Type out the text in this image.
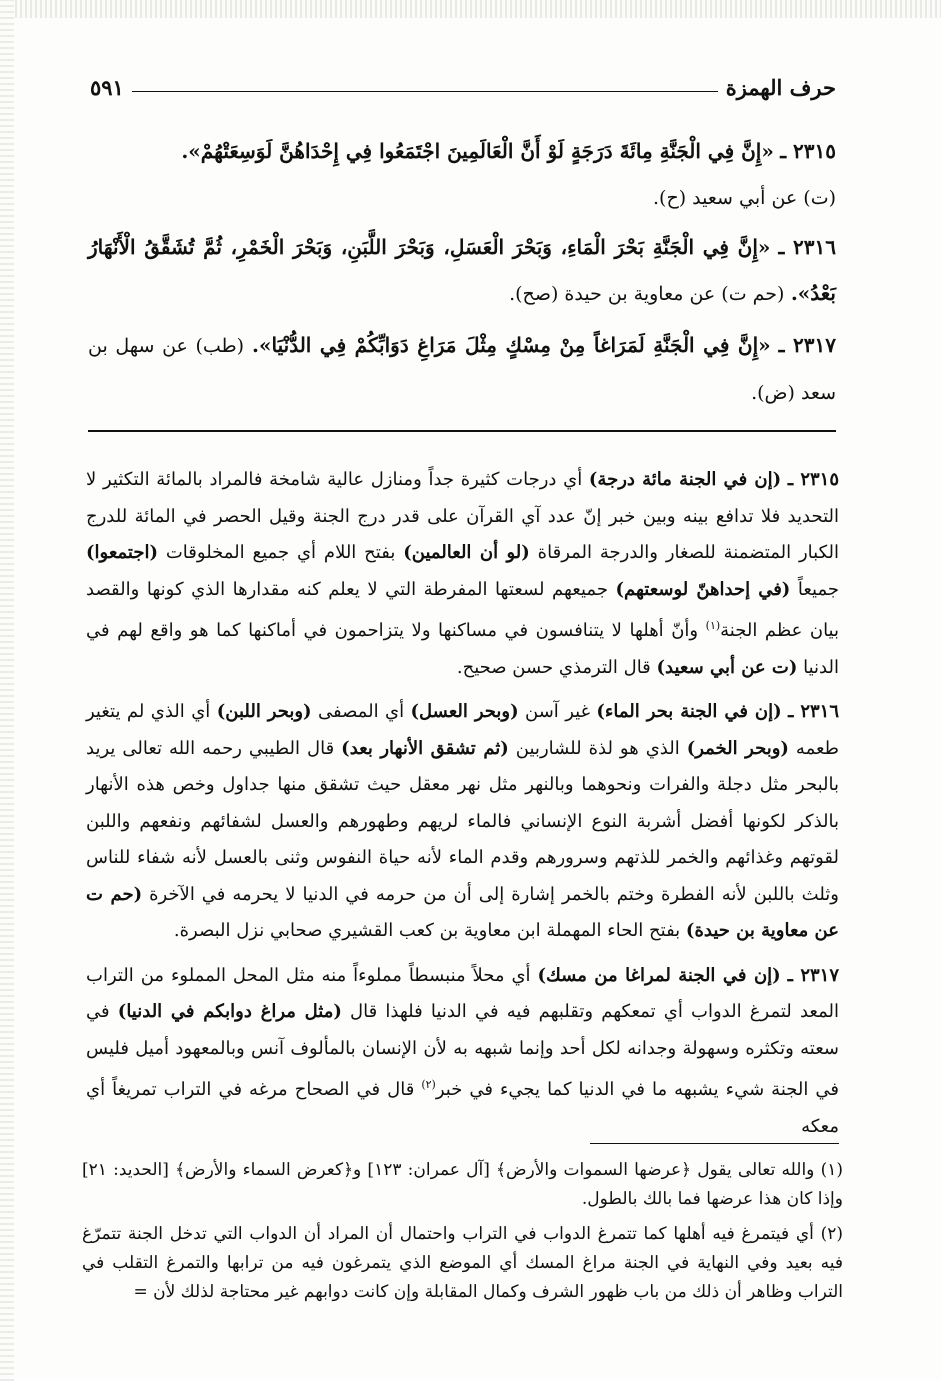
حرف الهمزة
٥٩١
٢٣١٥ ـ «إِنَّ فِي الْجَنَّةِ مِائَةَ دَرَجَةٍ لَوْ أَنَّ الْعَالَمِينَ اجْتَمَعُوا فِي إِحْدَاهُنَّ لَوَسِعَتْهُمْ».
(ت) عن أبي سعيد (ح).
٢٣١٦ ـ «إِنَّ فِي الْجَنَّةِ بَحْرَ الْمَاءِ، وَبَحْرَ الْعَسَلِ، وَبَحْرَ اللَّبَنِ، وَبَحْرَ الْخَمْرِ، ثُمَّ تُشَقَّقُ الْأَنْهَارُ بَعْدُ». (حم ت) عن معاوية بن حيدة (صح).
٢٣١٧ ـ «إِنَّ فِي الْجَنَّةِ لَمَرَاغاً مِنْ مِسْكٍ مِثْلَ مَرَاغِ دَوَابِّكُمْ فِي الدُّنْيَا». (طب) عن سهل بن سعد (ض).

٢٣١٥ ـ (إن في الجنة مائة درجة) أي درجات كثيرة جداً ومنازل عالية شامخة فالمراد بالمائة التكثير لا التحديد فلا تدافع بينه وبين خبر إنّ عدد آي القرآن على قدر درج الجنة وقيل الحصر في المائة للدرج الكبار المتضمنة للصغار والدرجة المرقاة (لو أن العالمين) بفتح اللام أي جميع المخلوقات (اجتمعوا) جميعاً (في إحداهنّ لوسعتهم) جميعهم لسعتها المفرطة التي لا يعلم كنه مقدارها الذي كونها والقصد بيان عظم الجنة$^{(١)}$ وأنّ أهلها لا يتنافسون في مساكنها ولا يتزاحمون في أماكنها كما هو واقع لهم في الدنيا (ت عن أبي سعيد) قال الترمذي حسن صحيح.

٢٣١٦ ـ (إن في الجنة بحر الماء) غير آسن (وبحر العسل) أي المصفى (وبحر اللبن) أي الذي لم يتغير طعمه (وبحر الخمر) الذي هو لذة للشاربين (ثم تشقق الأنهار بعد) قال الطيبي رحمه الله تعالى يريد بالبحر مثل دجلة والفرات ونحوهما وبالنهر مثل نهر معقل حيث تشقق منها جداول وخص هذه الأنهار بالذكر لكونها أفضل أشربة النوع الإنساني فالماء لريهم وطهورهم والعسل لشفائهم ونفعهم واللبن لقوتهم وغذائهم والخمر للذتهم وسرورهم وقدم الماء لأنه حياة النفوس وثنى بالعسل لأنه شفاء للناس وثلث باللبن لأنه الفطرة وختم بالخمر إشارة إلى أن من حرمه في الدنيا لا يحرمه في الآخرة (حم ت عن معاوية بن حيدة) بفتح الحاء المهملة ابن معاوية بن كعب القشيري صحابي نزل البصرة.

٢٣١٧ ـ (إن في الجنة لمراغا من مسك) أي محلاً منبسطاً مملوءاً منه مثل المحل المملوء من التراب المعد لتمرغ الدواب أي تمعكهم وتقلبهم فيه في الدنيا فلهذا قال (مثل مراغ دوابكم في الدنيا) في سعته وتكثره وسهولة وجدانه لكل أحد وإنما شبهه به لأن الإنسان بالمألوف آنس وبالمعهود أميل فليس في الجنة شيء يشبهه ما في الدنيا كما يجيء في خبر$^{(٢)}$ قال في الصحاح مرغه في التراب تمريغاً أي معكه

(١) والله تعالى يقول ﴿عرضها السموات والأرض﴾ [آل عمران: ١٢٣] و﴿كعرض السماء والأرض﴾ [الحديد: ٢١] وإذا كان هذا عرضها فما بالك بالطول.

(٢) أي فيتمرغ فيه أهلها كما تتمرغ الدواب في التراب واحتمال أن المراد أن الدواب التي تدخل الجنة تتمرّغ فيه بعيد وفي النهاية في الجنة مراغ المسك أي الموضع الذي يتمرغون فيه من ترابها والتمرغ التقلب في التراب وظاهر أن ذلك من باب ظهور الشرف وكمال المقابلة وإن كانت دوابهم غير محتاجة لذلك لأن =
